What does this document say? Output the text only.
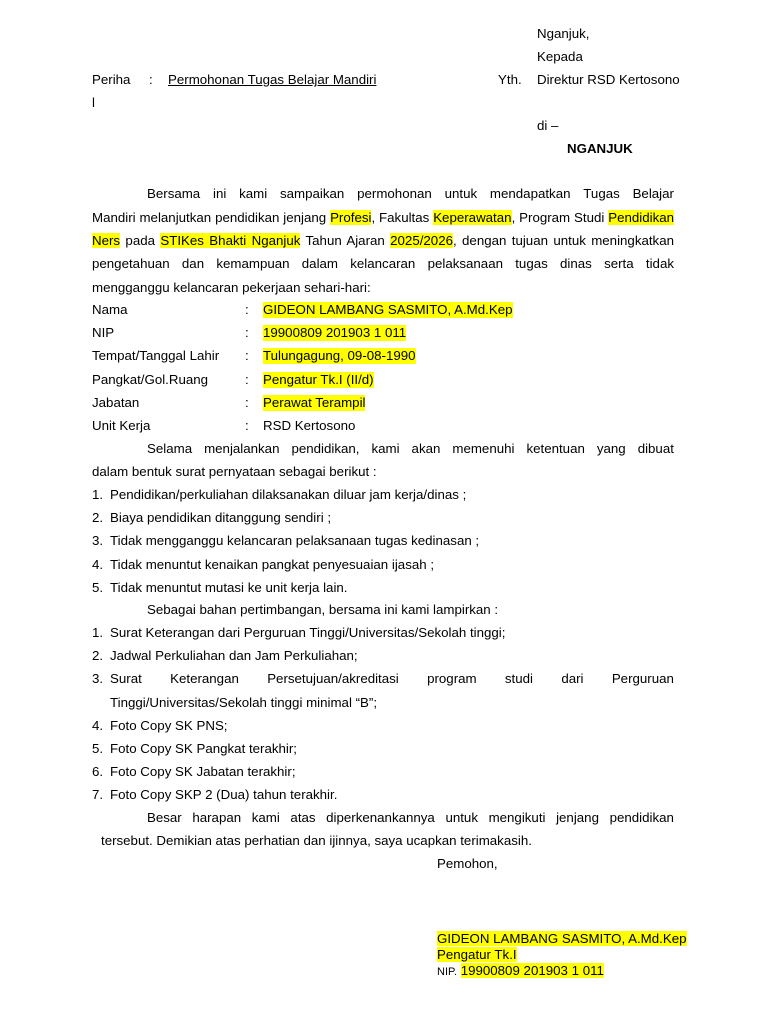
Nganjuk,
Kepada
Periha
l
: Permohonan Tugas Belajar Mandiri	Yth. Direktur RSD Kertosono
di –
NGANJUK
Bersama ini kami sampaikan permohonan untuk mendapatkan Tugas Belajar
Mandiri melanjutkan pendidikan jenjang Profesi, Fakultas Keperawatan, Program Studi Pendidikan Ners pada STIKes Bhakti Nganjuk Tahun Ajaran 2025/2026, dengan tujuan untuk meningkatkan pengetahuan dan kemampuan dalam kelancaran pelaksanaan tugas dinas serta tidak mengganggu kelancaran pekerjaan sehari-hari:
Nama	: GIDEON LAMBANG SASMITO, A.Md.Kep
NIP	: 19900809 201903 1 011
Tempat/Tanggal Lahir : Tulungagung, 09-08-1990
Pangkat/Gol.Ruang	: Pengatur Tk.I (II/d)
Jabatan	: Perawat Terampil
Unit Kerja	: RSD Kertosono
Selama menjalankan pendidikan, kami akan memenuhi ketentuan yang dibuat
dalam bentuk surat pernyataan sebagai berikut :
1. Pendidikan/perkuliahan dilaksanakan diluar jam kerja/dinas ;
2. Biaya pendidikan ditanggung sendiri ;
3. Tidak mengganggu kelancaran pelaksanaan tugas kedinasan ;
4. Tidak menuntut kenaikan pangkat penyesuaian ijasah ;
5. Tidak menuntut mutasi ke unit kerja lain.
Sebagai bahan pertimbangan, bersama ini kami lampirkan :
1. Surat Keterangan dari Perguruan Tinggi/Universitas/Sekolah tinggi;
2. Jadwal Perkuliahan dan Jam Perkuliahan;
3. Surat Keterangan Persetujuan/akreditasi program studi dari Perguruan
Tinggi/Universitas/Sekolah tinggi minimal “B”;
4. Foto Copy SK PNS;
5. Foto Copy SK Pangkat terakhir;
6. Foto Copy SK Jabatan terakhir;
7. Foto Copy SKP 2 (Dua) tahun terakhir.
Besar harapan kami atas diperkenankannya untuk mengikuti jenjang pendidikan
tersebut. Demikian atas perhatian dan ijinnya, saya ucapkan terimakasih.
Pemohon,
GIDEON LAMBANG SASMITO, A.Md.Kep
Pengatur Tk.I
NIP. 19900809 201903 1 011
